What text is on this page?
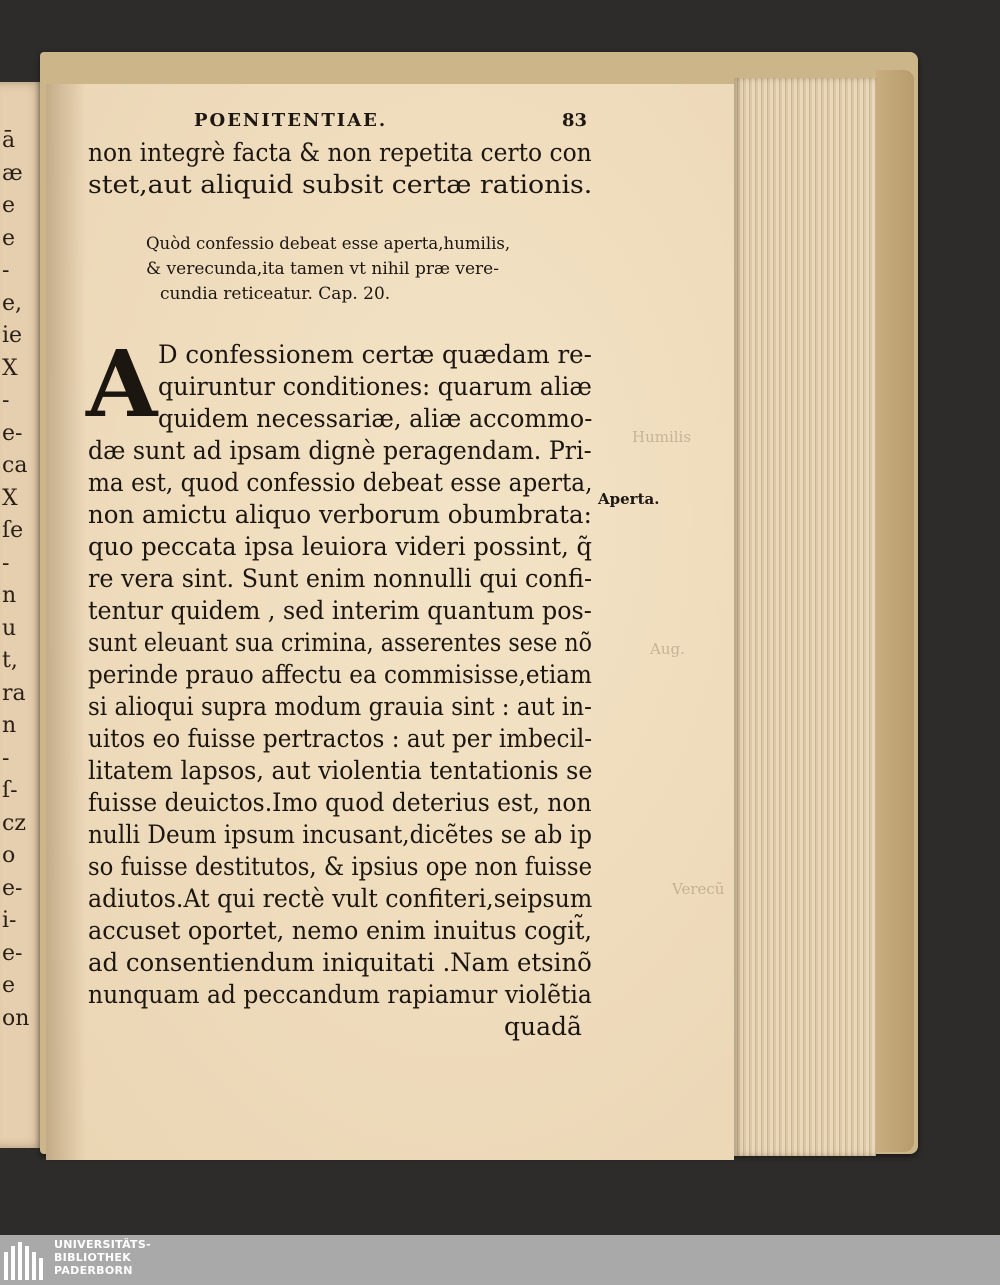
ā
æ
e
e
-
e,
ie
X
-
e-
ca
X
ſe
-
n
u
t,
ra
n
-
ſ-
cz
o
e-
i-
e-
e
on
Humilis
Aug.
Verecũ
POENITENTIAE.	83
non integrè facta & non repetita certo con
stet,aut aliquid subsit certæ rationis.
Quòd confessio debeat esse aperta,humilis,
& verecunda,ita tamen vt nihil præ vere-
cundia reticeatur. Cap. 20.
A D confessionem certæ quædam re-
quiruntur conditiones: quarum aliæ
quidem necessariæ, aliæ accommo-
dæ sunt ad ipsam dignè peragendam. Pri-
ma est, quod confessio debeat esse aperta,
non amictu aliquo verborum obumbrata:
quo peccata ipsa leuiora videri possint, q̃
re vera sint. Sunt enim nonnulli qui confi-
tentur quidem , sed interim quantum pos-
sunt eleuant sua crimina, asserentes sese nõ
perinde prauo affectu ea commisisse,etiam
si alioqui supra modum grauia sint : aut in-
uitos eo fuisse pertractos : aut per imbecil-
litatem lapsos, aut violentia tentationis se
fuisse deuictos.Imo quod deterius est, non
nulli Deum ipsum incusant,dicẽtes se ab ip
so fuisse destitutos, & ipsius ope non fuisse
adiutos.At qui rectè vult confiteri,seipsum
accuset oportet, nemo enim inuitus cogit̃,
ad consentiendum iniquitati .Nam etsinõ
nunquam ad peccandum rapiamur violẽtia
quadã
Aperta.
UNIVERSITÄTS-
BIBLIOTHEK
PADERBORN
